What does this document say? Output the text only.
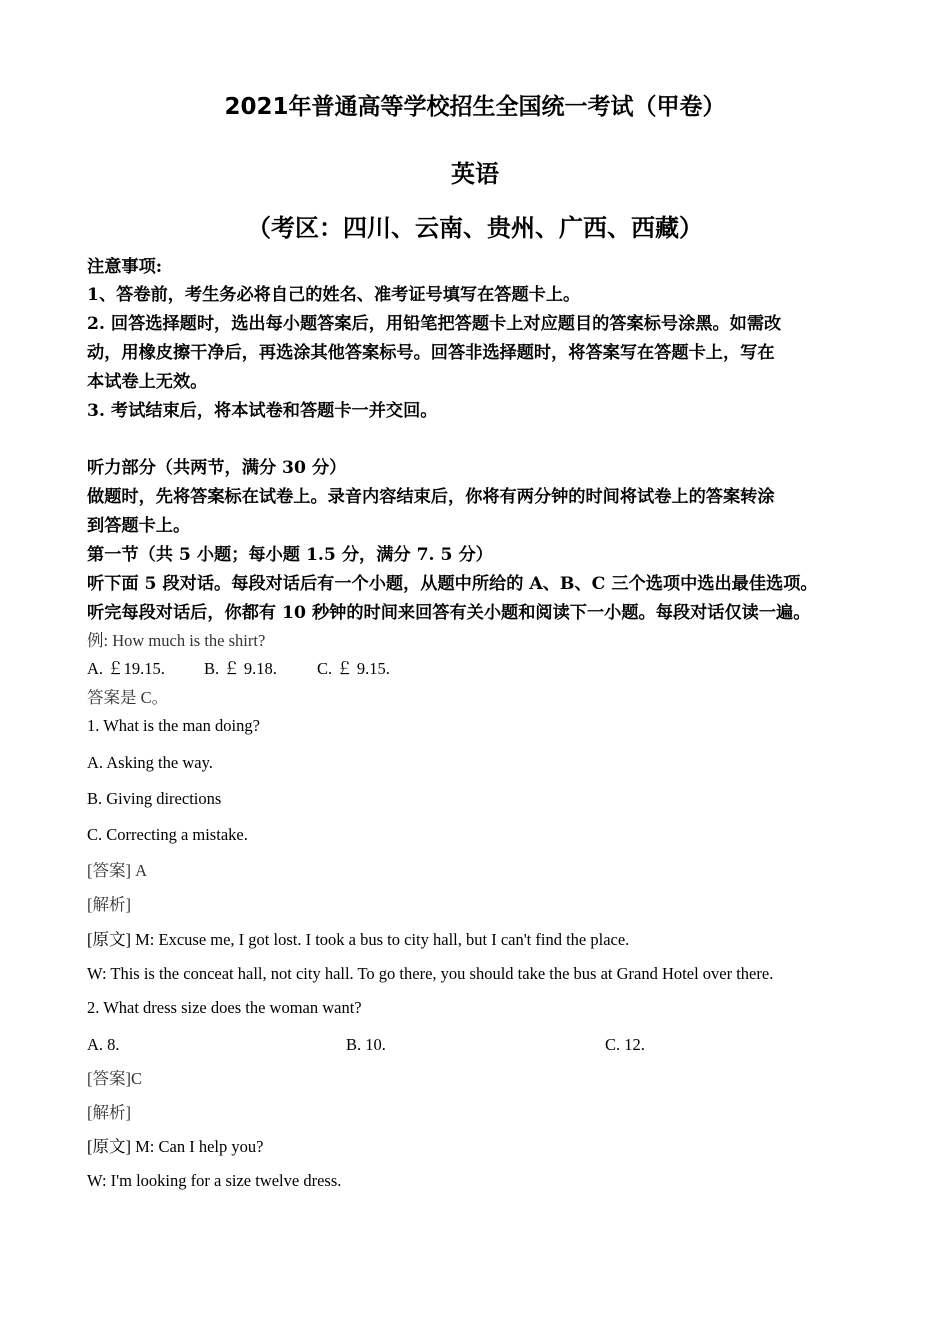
2021年普通高等学校招生全国统一考试（甲卷）
英语
（考区：四川、云南、贵州、广西、西藏）
注意事项:
1、答卷前，考生务必将自己的姓名、准考证号填写在答题卡上。
2. 回答选择题时，选出每小题答案后，用铅笔把答题卡上对应题目的答案标号涂黑。如需改
动，用橡皮擦干净后，再选涂其他答案标号。回答非选择题时，将答案写在答题卡上，写在
本试卷上无效。
3. 考试结束后，将本试卷和答题卡一并交回。
听力部分（共两节，满分 30 分）
做题时，先将答案标在试卷上。录音内容结束后，你将有两分钟的时间将试卷上的答案转涂
到答题卡上。
第一节（共 5 小题；每小题 1.5 分，满分 7. 5 分）
听下面 5 段对话。每段对话后有一个小题，从题中所给的 A、B、C 三个选项中选出最佳选项。
听完每段对话后，你都有 10 秒钟的时间来回答有关小题和阅读下一小题。每段对话仅读一遍。
例: How much is the shirt?
A. ￡19.15. B. ￡ 9.18. C. ￡ 9.15.
答案是 C。
1. What is the man doing?
A. Asking the way.
B. Giving directions
C. Correcting a mistake.
[答案] A
[解析]
[原文] M: Excuse me, I got lost. I took a bus to city hall, but I can't find the place.
W: This is the conceat hall, not city hall. To go there, you should take the bus at Grand Hotel over there.
2. What dress size does the woman want?
A. 8.	B. 10.	C. 12.
[答案]C
[解析]
[原文] M: Can I help you?
W: I'm looking for a size twelve dress.
